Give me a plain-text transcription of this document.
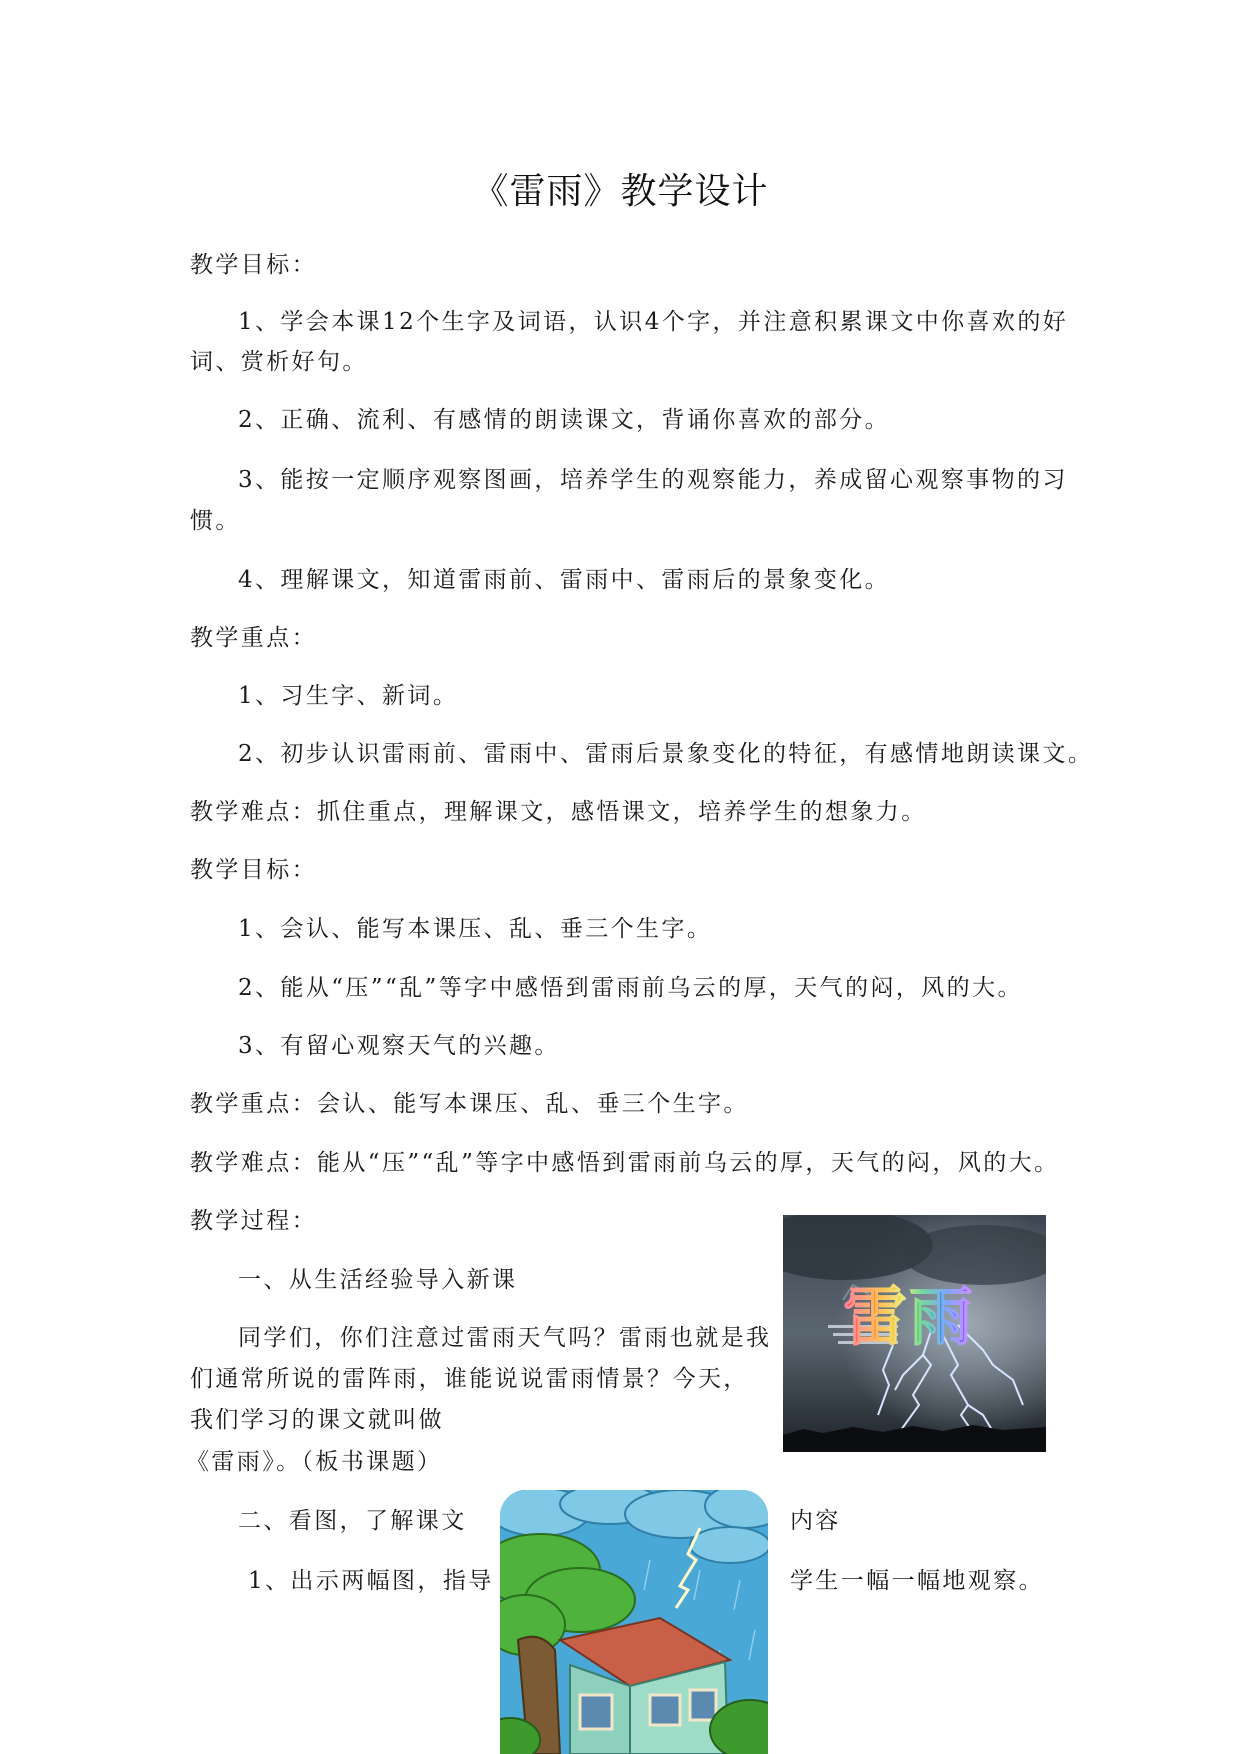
《雷雨》教学设计
教学目标：
1、学会本课12个生字及词语，认识4个字，并注意积累课文中你喜欢的好
词、赏析好句。
2、正确、流利、有感情的朗读课文，背诵你喜欢的部分。
3、能按一定顺序观察图画，培养学生的观察能力，养成留心观察事物的习
惯。
4、理解课文，知道雷雨前、雷雨中、雷雨后的景象变化。
教学重点：
1、习生字、新词。
2、初步认识雷雨前、雷雨中、雷雨后景象变化的特征，有感情地朗读课文。
教学难点：抓住重点，理解课文，感悟课文，培养学生的想象力。
教学目标：
1、会认、能写本课压、乱、垂三个生字。
2、能从“压”“乱”等字中感悟到雷雨前乌云的厚，天气的闷，风的大。
3、有留心观察天气的兴趣。
教学重点：会认、能写本课压、乱、垂三个生字。
教学难点：能从“压”“乱”等字中感悟到雷雨前乌云的厚，天气的闷，风的大。
教学过程：
一、从生活经验导入新课
同学们，你们注意过雷雨天气吗？雷雨也就是我
们通常所说的雷阵雨，谁能说说雷雨情景？今天，
我们学习的课文就叫做
《雷雨》。（板书课题）
二、看图，了解课文	内容
1、出示两幅图，指导	学生一幅一幅地观察。
雷雨
